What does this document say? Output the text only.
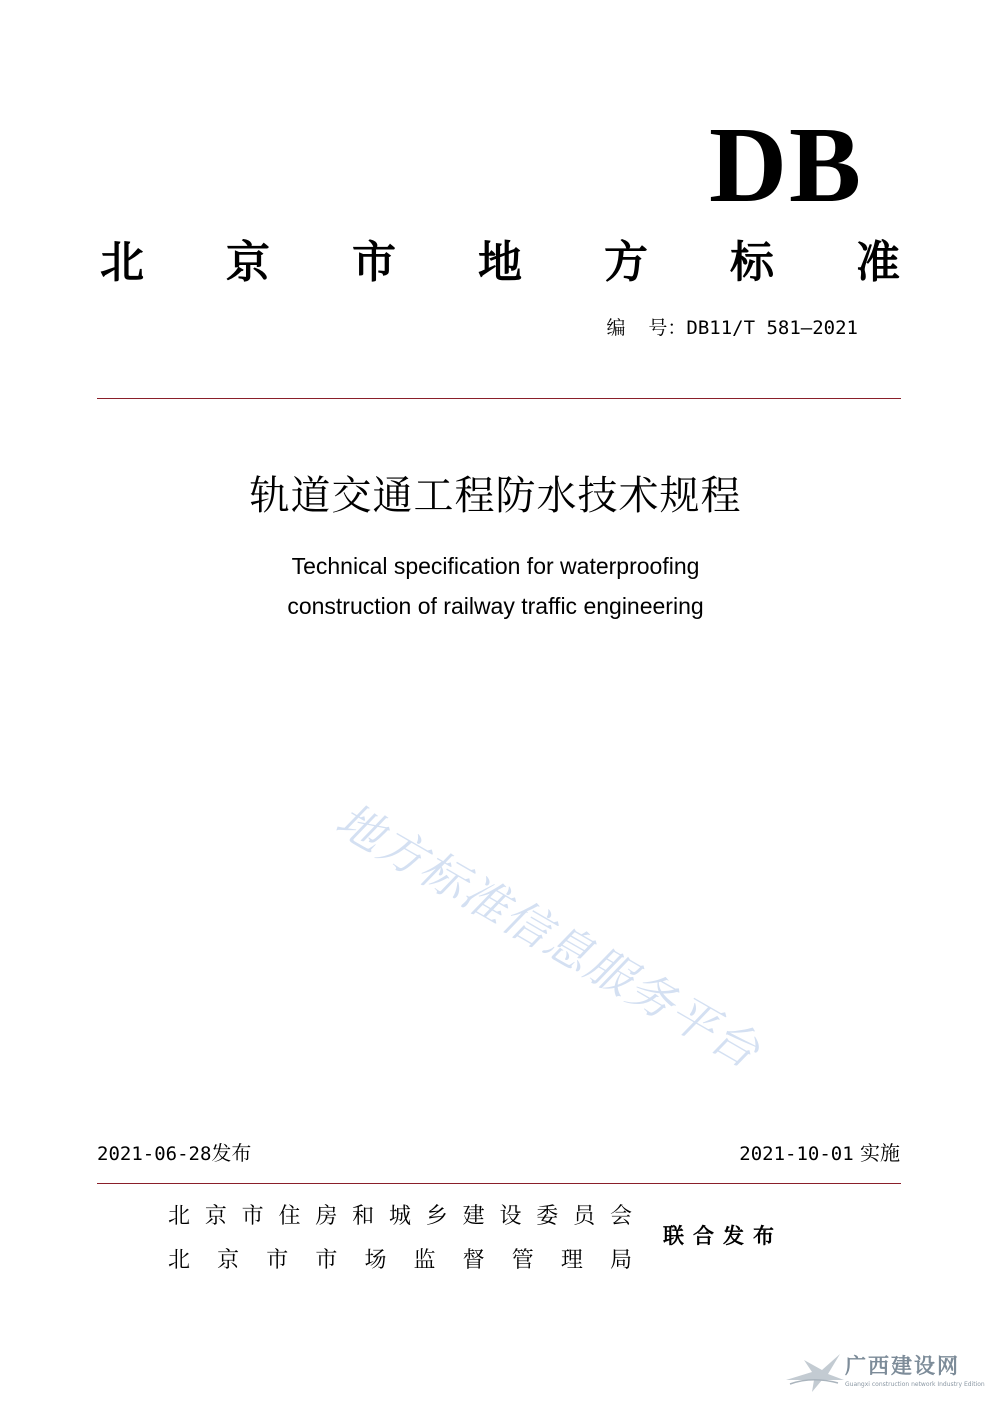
DB
北 京 市 地 方 标 准
编  号：DB11/T 581—2021
轨道交通工程防水技术规程
Technical specification for waterproofing
construction of railway traffic engineering
地方标准信息服务平台
2021-06-28发布	2021-10-01 实施
北 京 市 住 房 和 城 乡 建 设 委 员 会
北 京 市 市 场 监 督 管 理 局
联合发布
广西建设网
Guangxi construction network Industry Edition
